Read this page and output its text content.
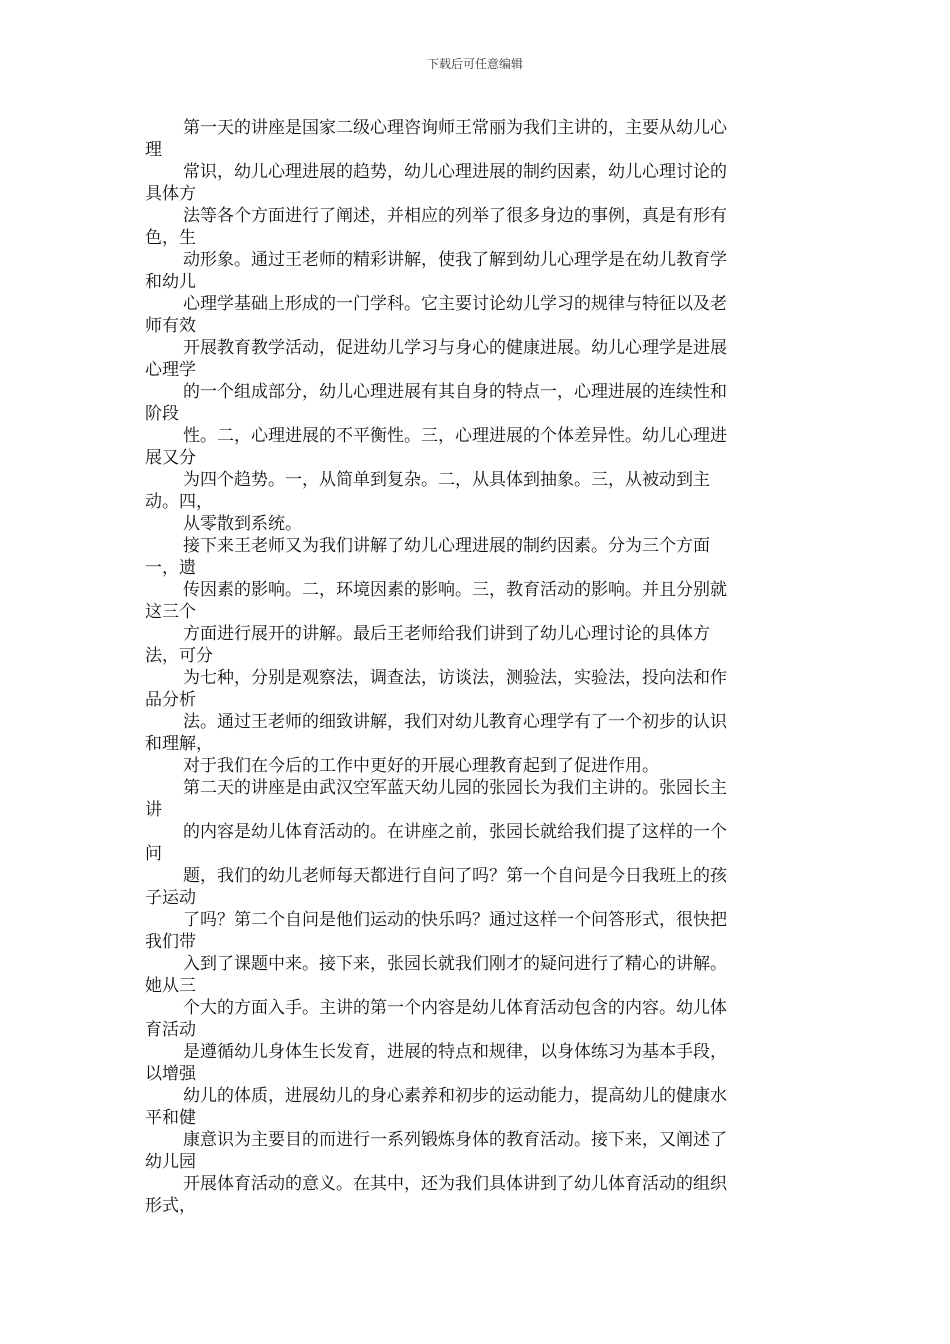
下载后可任意编辑

第一天的讲座是国家二级心理咨询师王常丽为我们主讲的，主要从幼儿心

理

常识，幼儿心理进展的趋势，幼儿心理进展的制约因素，幼儿心理讨论的

具体方

法等各个方面进行了阐述，并相应的列举了很多身边的事例，真是有形有

色，生

动形象。通过王老师的精彩讲解，使我了解到幼儿心理学是在幼儿教育学

和幼儿

心理学基础上形成的一门学科。它主要讨论幼儿学习的规律与特征以及老

师有效

开展教育教学活动，促进幼儿学习与身心的健康进展。幼儿心理学是进展

心理学

的一个组成部分，幼儿心理进展有其自身的特点一，心理进展的连续性和

阶段

性。二，心理进展的不平衡性。三，心理进展的个体差异性。幼儿心理进

展又分

为四个趋势。一，从简单到复杂。二，从具体到抽象。三，从被动到主

动。四，

从零散到系统。

接下来王老师又为我们讲解了幼儿心理进展的制约因素。分为三个方面

一，遗

传因素的影响。二，环境因素的影响。三，教育活动的影响。并且分别就

这三个

方面进行展开的讲解。最后王老师给我们讲到了幼儿心理讨论的具体方

法，可分

为七种，分别是观察法，调查法，访谈法，测验法，实验法，投向法和作

品分析

法。通过王老师的细致讲解，我们对幼儿教育心理学有了一个初步的认识

和理解，

对于我们在今后的工作中更好的开展心理教育起到了促进作用。

第二天的讲座是由武汉空军蓝天幼儿园的张园长为我们主讲的。张园长主

讲

的内容是幼儿体育活动的。在讲座之前，张园长就给我们提了这样的一个

问

题，我们的幼儿老师每天都进行自问了吗？第一个自问是今日我班上的孩

子运动

了吗？第二个自问是他们运动的快乐吗？通过这样一个问答形式，很快把

我们带

入到了课题中来。接下来，张园长就我们刚才的疑问进行了精心的讲解。

她从三

个大的方面入手。主讲的第一个内容是幼儿体育活动包含的内容。幼儿体

育活动

是遵循幼儿身体生长发育，进展的特点和规律，以身体练习为基本手段，

以增强

幼儿的体质，进展幼儿的身心素养和初步的运动能力，提高幼儿的健康水

平和健

康意识为主要目的而进行一系列锻炼身体的教育活动。接下来，又阐述了

幼儿园

开展体育活动的意义。在其中，还为我们具体讲到了幼儿体育活动的组织

形式，
